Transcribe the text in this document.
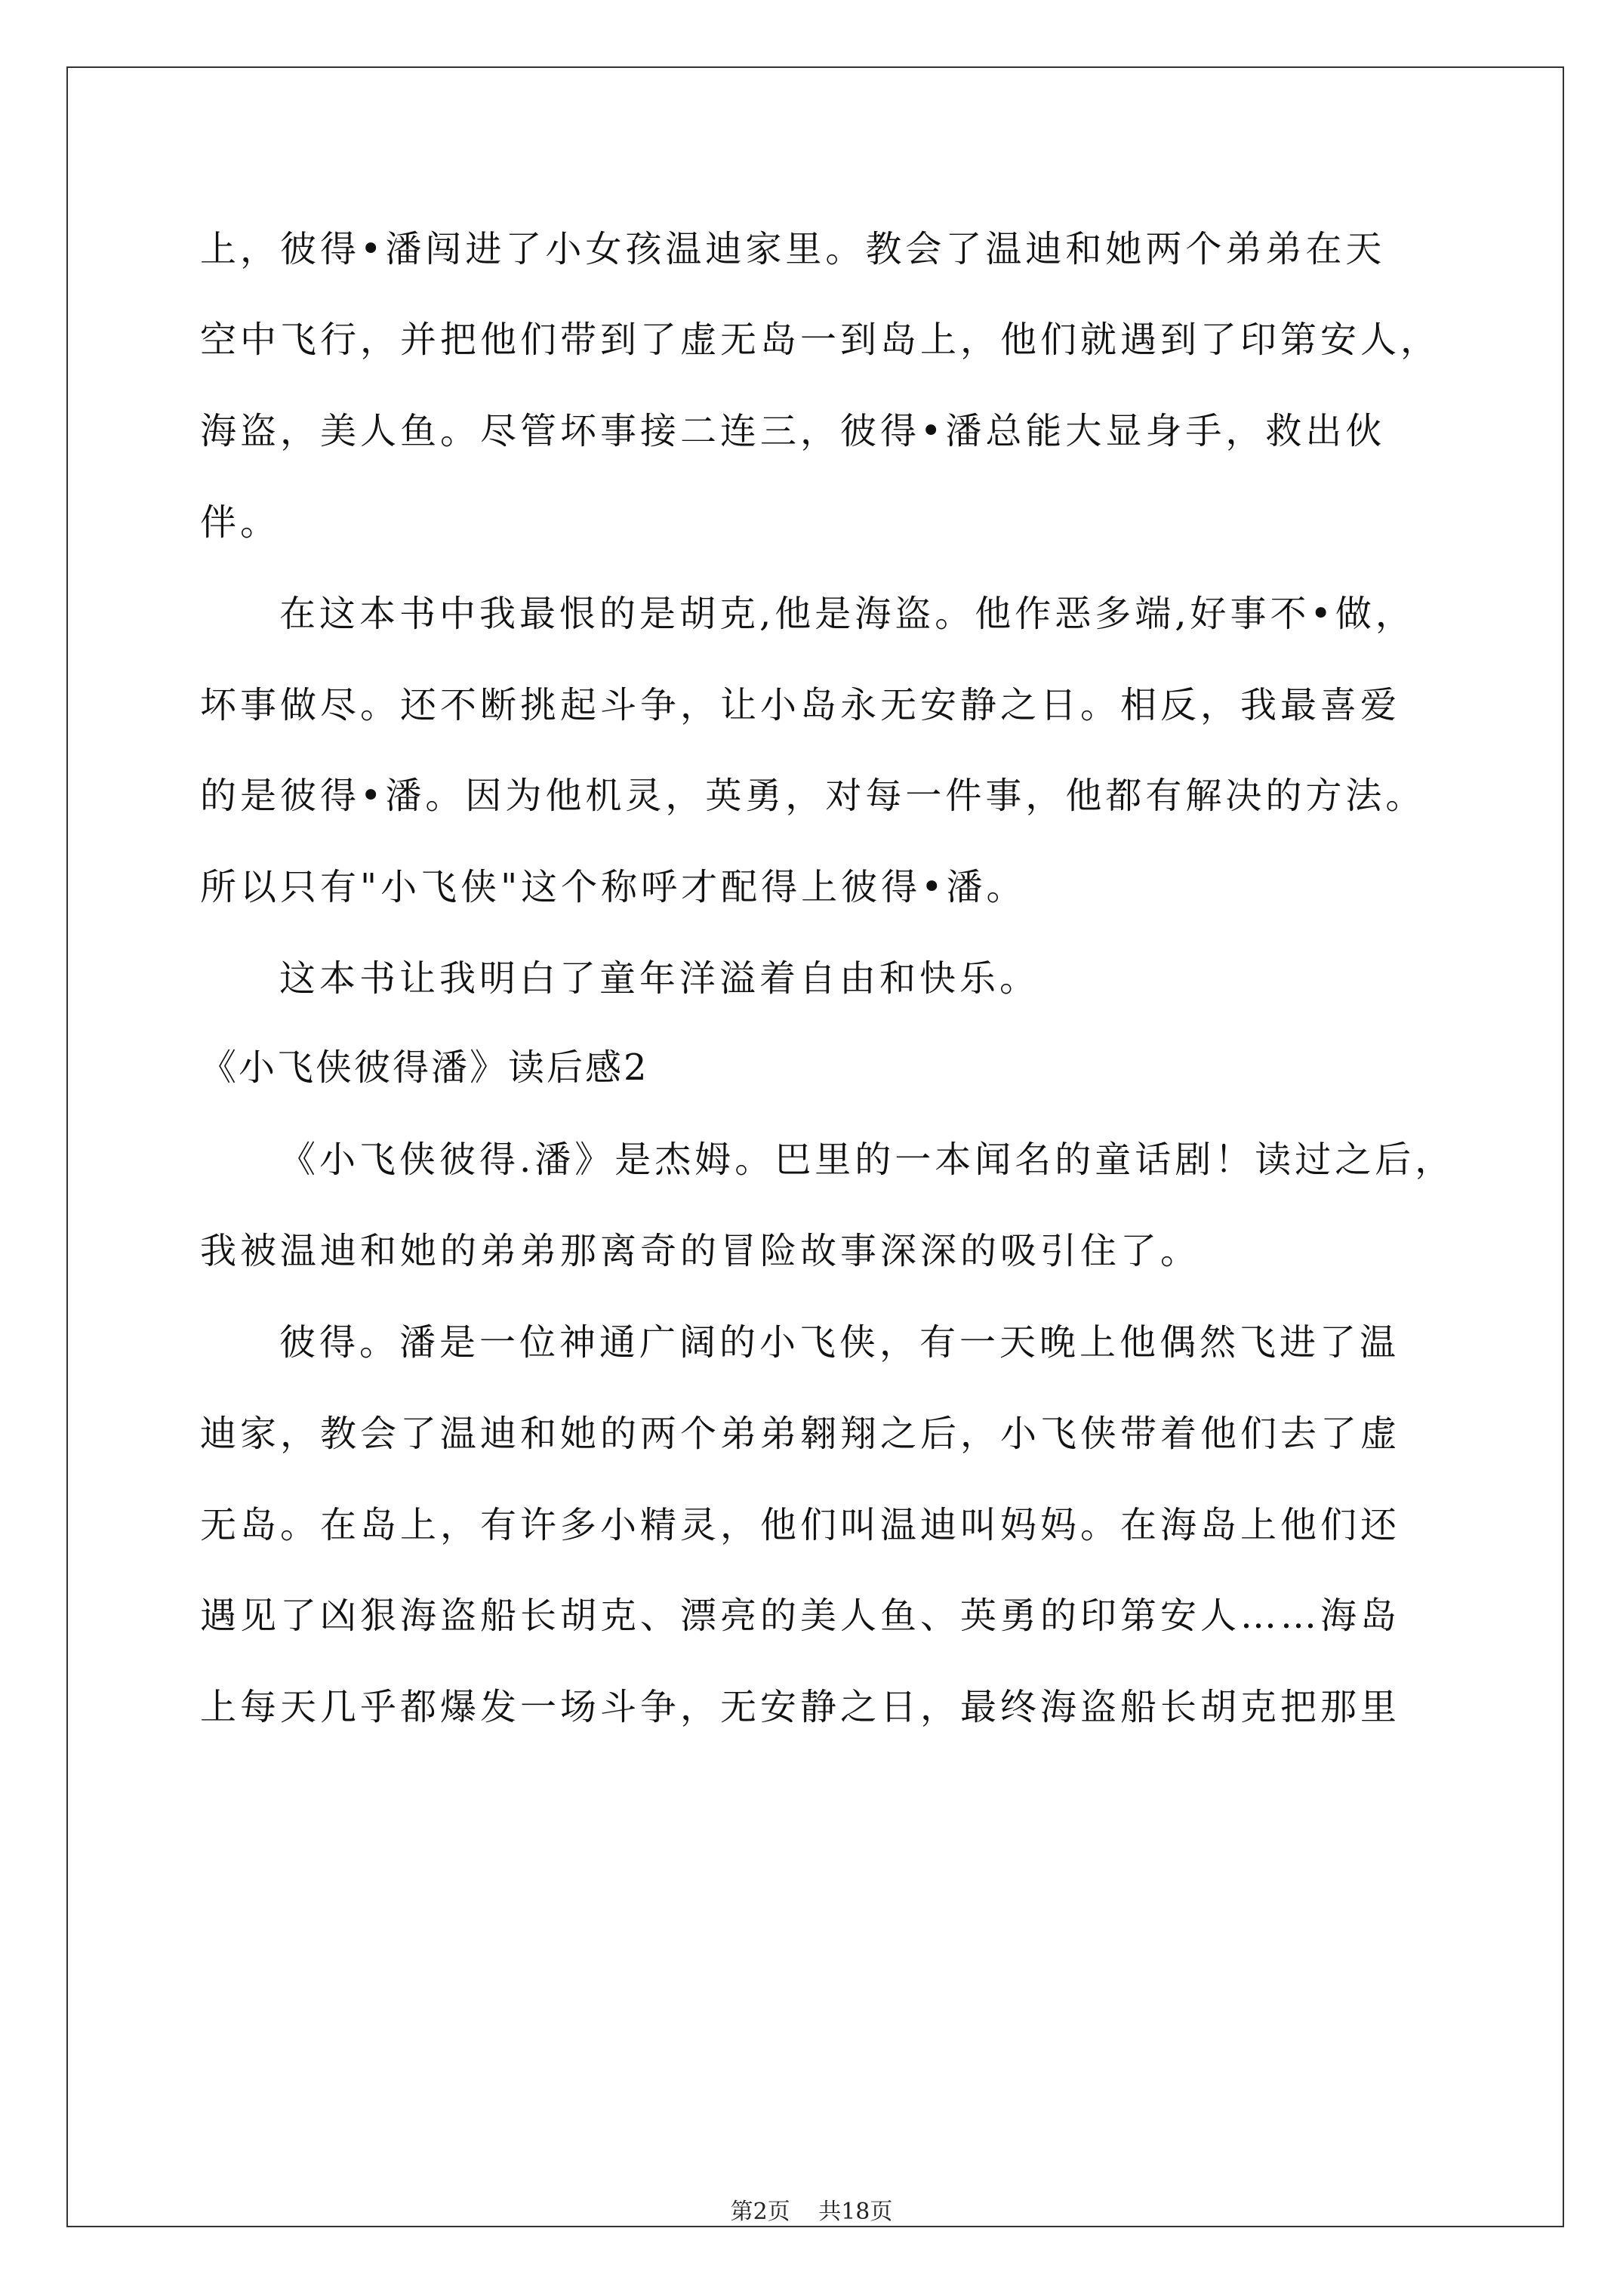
上，彼得•潘闯进了小女孩温迪家里。教会了温迪和她两个弟弟在天
空中飞行，并把他们带到了虚无岛一到岛上，他们就遇到了印第安人，
海盗，美人鱼。尽管坏事接二连三，彼得•潘总能大显身手，救出伙
伴。
在这本书中我最恨的是胡克,他是海盗。他作恶多端,好事不•做，
坏事做尽。还不断挑起斗争，让小岛永无安静之日。相反，我最喜爱
的是彼得•潘。因为他机灵，英勇，对每一件事，他都有解决的方法。
所以只有"小飞侠"这个称呼才配得上彼得•潘。
这本书让我明白了童年洋溢着自由和快乐。
《小飞侠彼得潘》读后感2
《小飞侠彼得.潘》是杰姆。巴里的一本闻名的童话剧！读过之后，
我被温迪和她的弟弟那离奇的冒险故事深深的吸引住了。
彼得。潘是一位神通广阔的小飞侠，有一天晚上他偶然飞进了温
迪家，教会了温迪和她的两个弟弟翱翔之后，小飞侠带着他们去了虚
无岛。在岛上，有许多小精灵，他们叫温迪叫妈妈。在海岛上他们还
遇见了凶狠海盗船长胡克、漂亮的美人鱼、英勇的印第安人……海岛
上每天几乎都爆发一场斗争，无安静之日，最终海盗船长胡克把那里
第2页 共18页
